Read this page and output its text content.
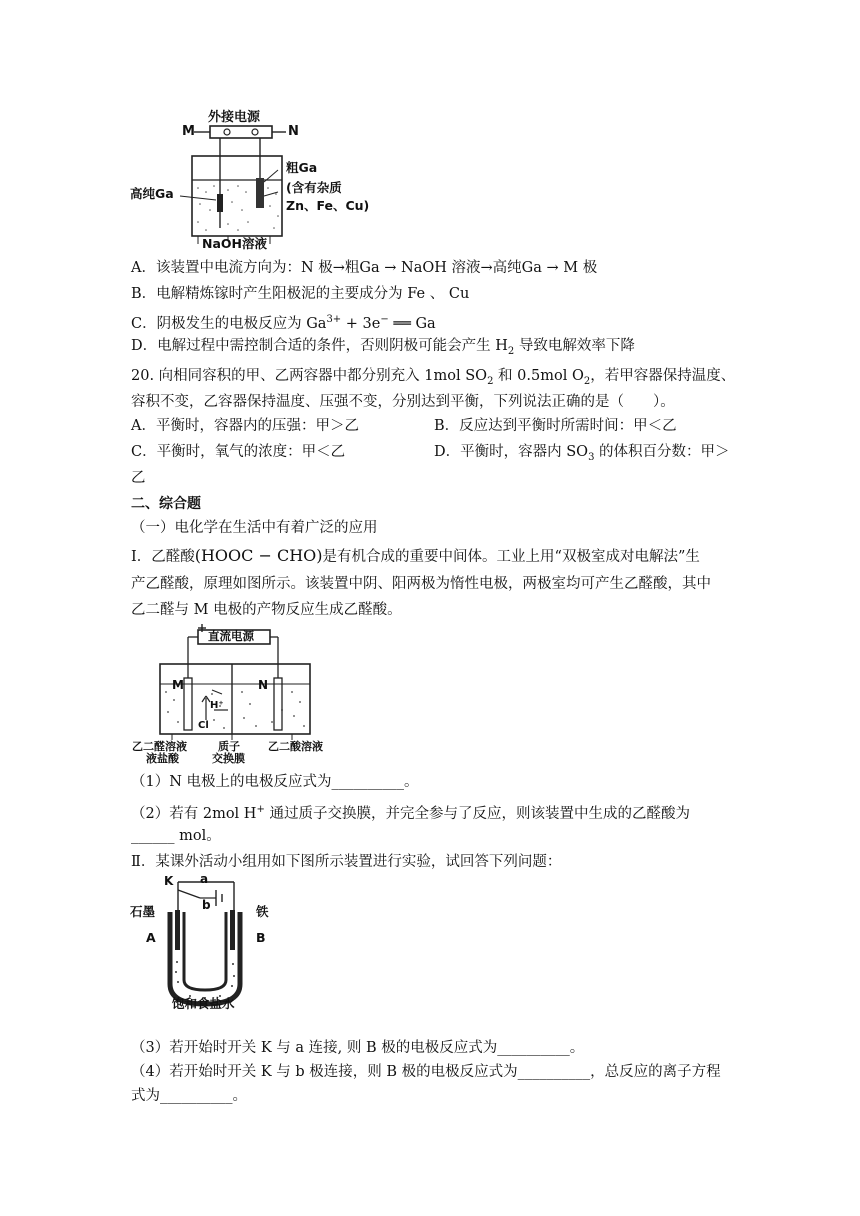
外接电源
M	N
高纯Ga
粗Ga
(含有杂质
Zn、Fe、Cu)
NaOH溶液
A．该装置中电流方向为：N 极→粗Ga → NaOH 溶液→高纯Ga → M 极
B．电解精炼镓时产生阳极泥的主要成分为 Fe 、 Cu
C．阴极发生的电极反应为 $Ga^{3+} + 3e^-$ ══ Ga
D．电解过程中需控制合适的条件，否则阴极可能会产生 $H_2$ 导致电解效率下降
20. 向相同容积的甲、乙两容器中都分别充入 1mol $SO_2$ 和 0.5mol $O_2$，若甲容器保持温度、
容积不变，乙容器保持温度、压强不变，分别达到平衡，下列说法正确的是（　　）。
A．平衡时，容器内的压强：甲＞乙	B．反应达到平衡时所需时间：甲＜乙
C．平衡时，氧气的浓度：甲＜乙	D．平衡时，容器内 $SO_3$ 的体积百分数：甲＞
乙
二、综合题
（一）电化学在生活中有着广泛的应用
Ⅰ．乙醛酸(HOOC − CHO)是有机合成的重要中间体。工业上用“双极室成对电解法”生
产乙醛酸，原理如图所示。该装置中阴、阳两极为惰性电极，两极室均可产生乙醛酸，其中
乙二醛与 M 电极的产物反应生成乙醛酸。
直流电源
M	N
H⁺
Cl
乙二醛溶液
液盐酸
质子
交换膜
乙二酸溶液
（1）N 电极上的电极反应式为__________。
（2）若有 2mol H+ 通过质子交换膜，并完全参与了反应，则该装置中生成的乙醛酸为
______ mol。
Ⅱ．某课外活动小组用如下图所示装置进行实验，试回答下列问题：
K a
b
石墨
A
铁
B
饱和食盐水
（3）若开始时开关 K 与 a 连接, 则 B 极的电极反应式为__________。
（4）若开始时开关 K 与 b 极连接，则 B 极的电极反应式为__________，总反应的离子方程
式为__________。
